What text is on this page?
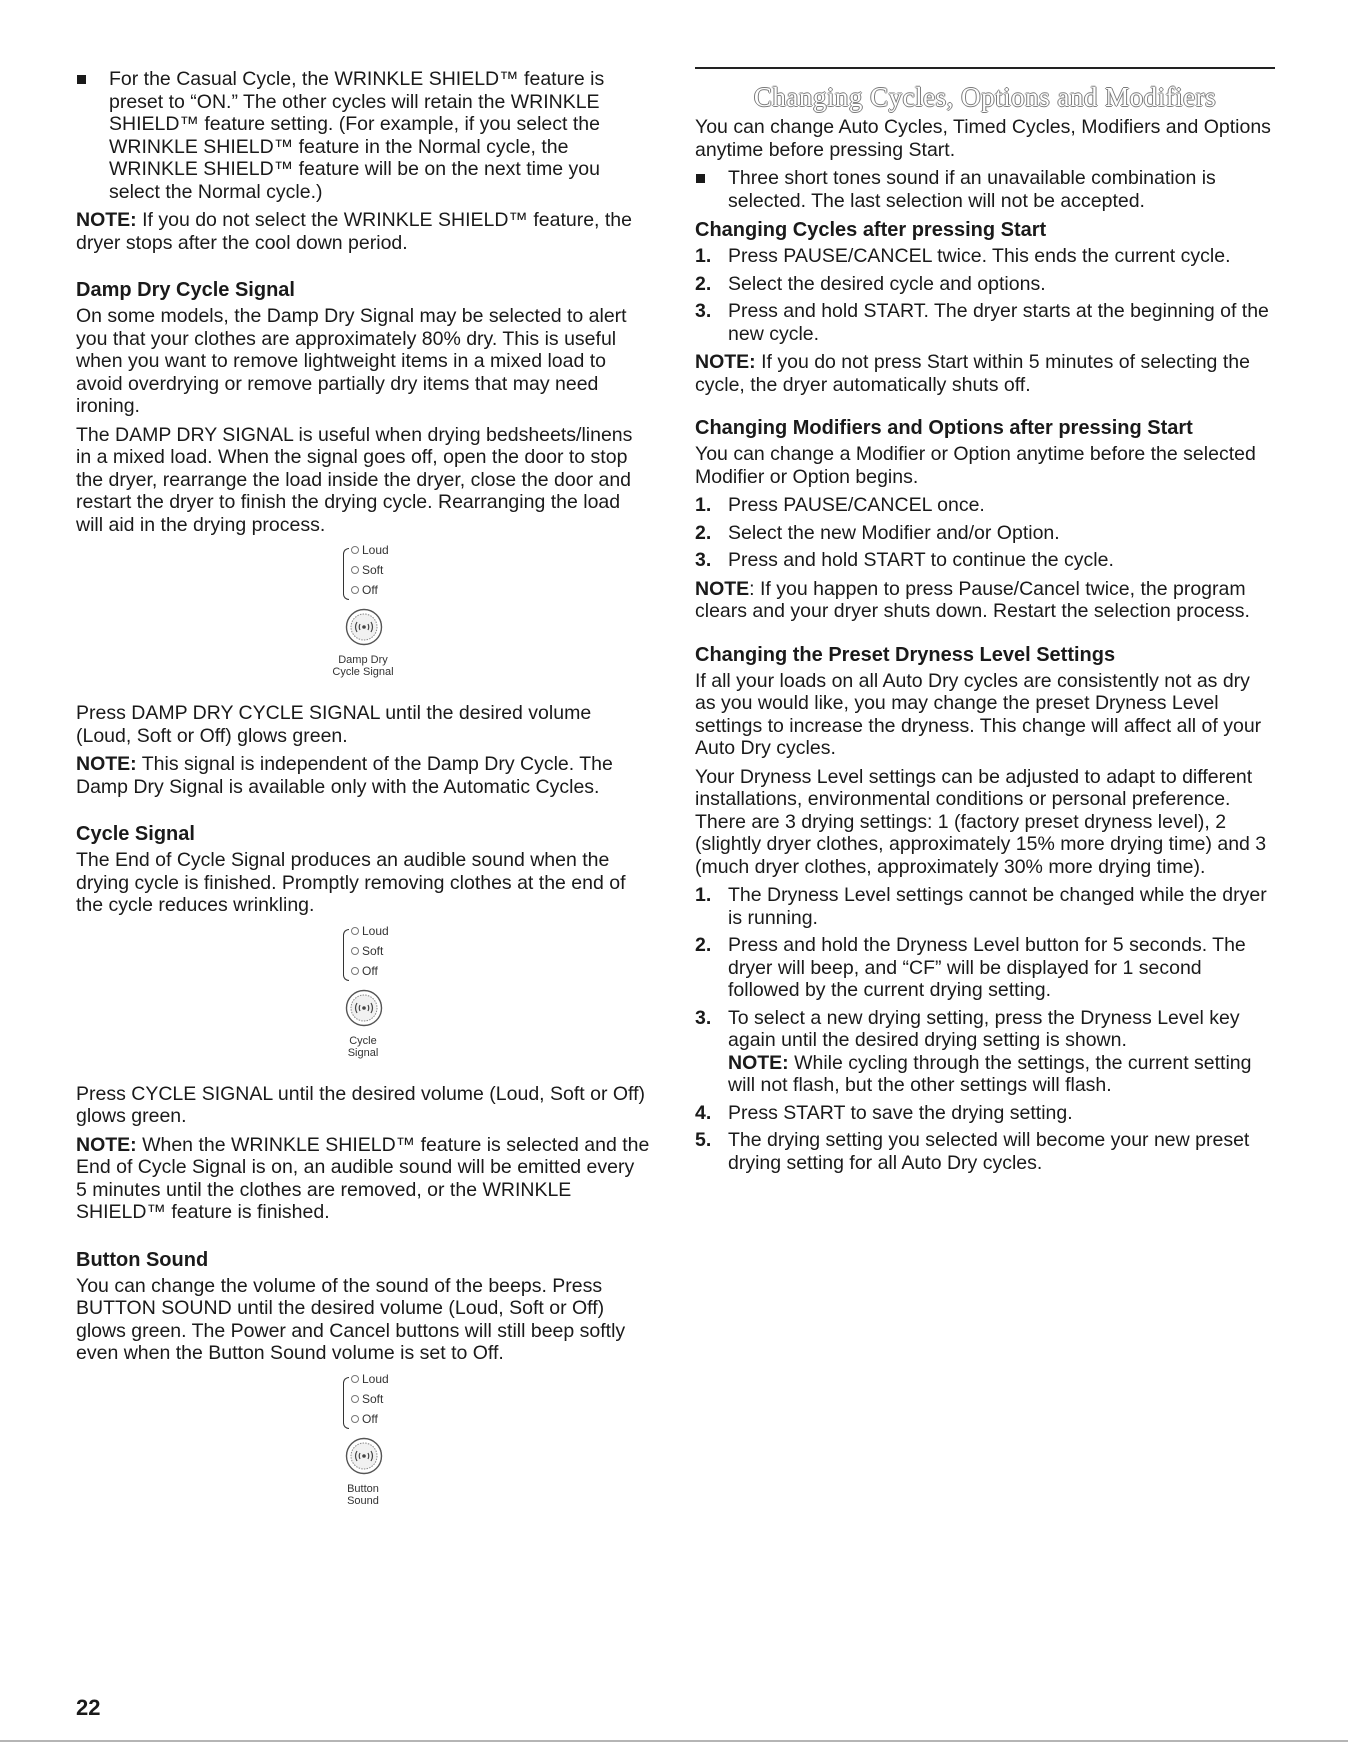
For the Casual Cycle, the WRINKLE SHIELD™ feature is preset to “ON.” The other cycles will retain the WRINKLE SHIELD™ feature setting. (For example, if you select the WRINKLE SHIELD™ feature in the Normal cycle, the WRINKLE SHIELD™ feature will be on the next time you select the Normal cycle.)

NOTE: If you do not select the WRINKLE SHIELD™ feature, the dryer stops after the cool down period.

Damp Dry Cycle Signal

On some models, the Damp Dry Signal may be selected to alert you that your clothes are approximately 80% dry. This is useful when you want to remove lightweight items in a mixed load to avoid overdrying or remove partially dry items that may need ironing.

The DAMP DRY SIGNAL is useful when drying bedsheets/linens in a mixed load. When the signal goes off, open the door to stop the dryer, rearrange the load inside the dryer, close the door and restart the dryer to finish the drying cycle. Rearranging the load will aid in the drying process.

Loud
Soft
Off
Damp Dry
Cycle Signal

Press DAMP DRY CYCLE SIGNAL until the desired volume (Loud, Soft or Off) glows green.

NOTE: This signal is independent of the Damp Dry Cycle. The Damp Dry Signal is available only with the Automatic Cycles.

Cycle Signal

The End of Cycle Signal produces an audible sound when the drying cycle is finished. Promptly removing clothes at the end of the cycle reduces wrinkling.

Loud
Soft
Off
Cycle
Signal

Press CYCLE SIGNAL until the desired volume (Loud, Soft or Off) glows green.

NOTE: When the WRINKLE SHIELD™ feature is selected and the End of Cycle Signal is on, an audible sound will be emitted every 5 minutes until the clothes are removed, or the WRINKLE SHIELD™ feature is finished.

Button Sound

You can change the volume of the sound of the beeps. Press BUTTON SOUND until the desired volume (Loud, Soft or Off) glows green. The Power and Cancel buttons will still beep softly even when the Button Sound volume is set to Off.

Loud
Soft
Off
Button
Sound
Changing Cycles, Options and Modifiers

You can change Auto Cycles, Timed Cycles, Modifiers and Options anytime before pressing Start.

Three short tones sound if an unavailable combination is selected. The last selection will not be accepted.
Changing Cycles after pressing Start
1. Press PAUSE/CANCEL twice. This ends the current cycle.
2. Select the desired cycle and options.
3. Press and hold START. The dryer starts at the beginning of the new cycle.

NOTE: If you do not press Start within 5 minutes of selecting the cycle, the dryer automatically shuts off.

Changing Modifiers and Options after pressing Start

You can change a Modifier or Option anytime before the selected Modifier or Option begins.

1. Press PAUSE/CANCEL once.
2. Select the new Modifier and/or Option.
3. Press and hold START to continue the cycle.

NOTE: If you happen to press Pause/Cancel twice, the program clears and your dryer shuts down. Restart the selection process.

Changing the Preset Dryness Level Settings

If all your loads on all Auto Dry cycles are consistently not as dry as you would like, you may change the preset Dryness Level settings to increase the dryness. This change will affect all of your Auto Dry cycles.

Your Dryness Level settings can be adjusted to adapt to different installations, environmental conditions or personal preference. There are 3 drying settings: 1 (factory preset dryness level), 2 (slightly dryer clothes, approximately 15% more drying time) and 3 (much dryer clothes, approximately 30% more drying time).

1. The Dryness Level settings cannot be changed while the dryer is running.
2. Press and hold the Dryness Level button for 5 seconds. The dryer will beep, and “CF” will be displayed for 1 second followed by the current drying setting.
3. To select a new drying setting, press the Dryness Level key again until the desired drying setting is shown.
NOTE: While cycling through the settings, the current setting will not flash, but the other settings will flash.
4. Press START to save the drying setting.
5. The drying setting you selected will become your new preset drying setting for all Auto Dry cycles.
22
